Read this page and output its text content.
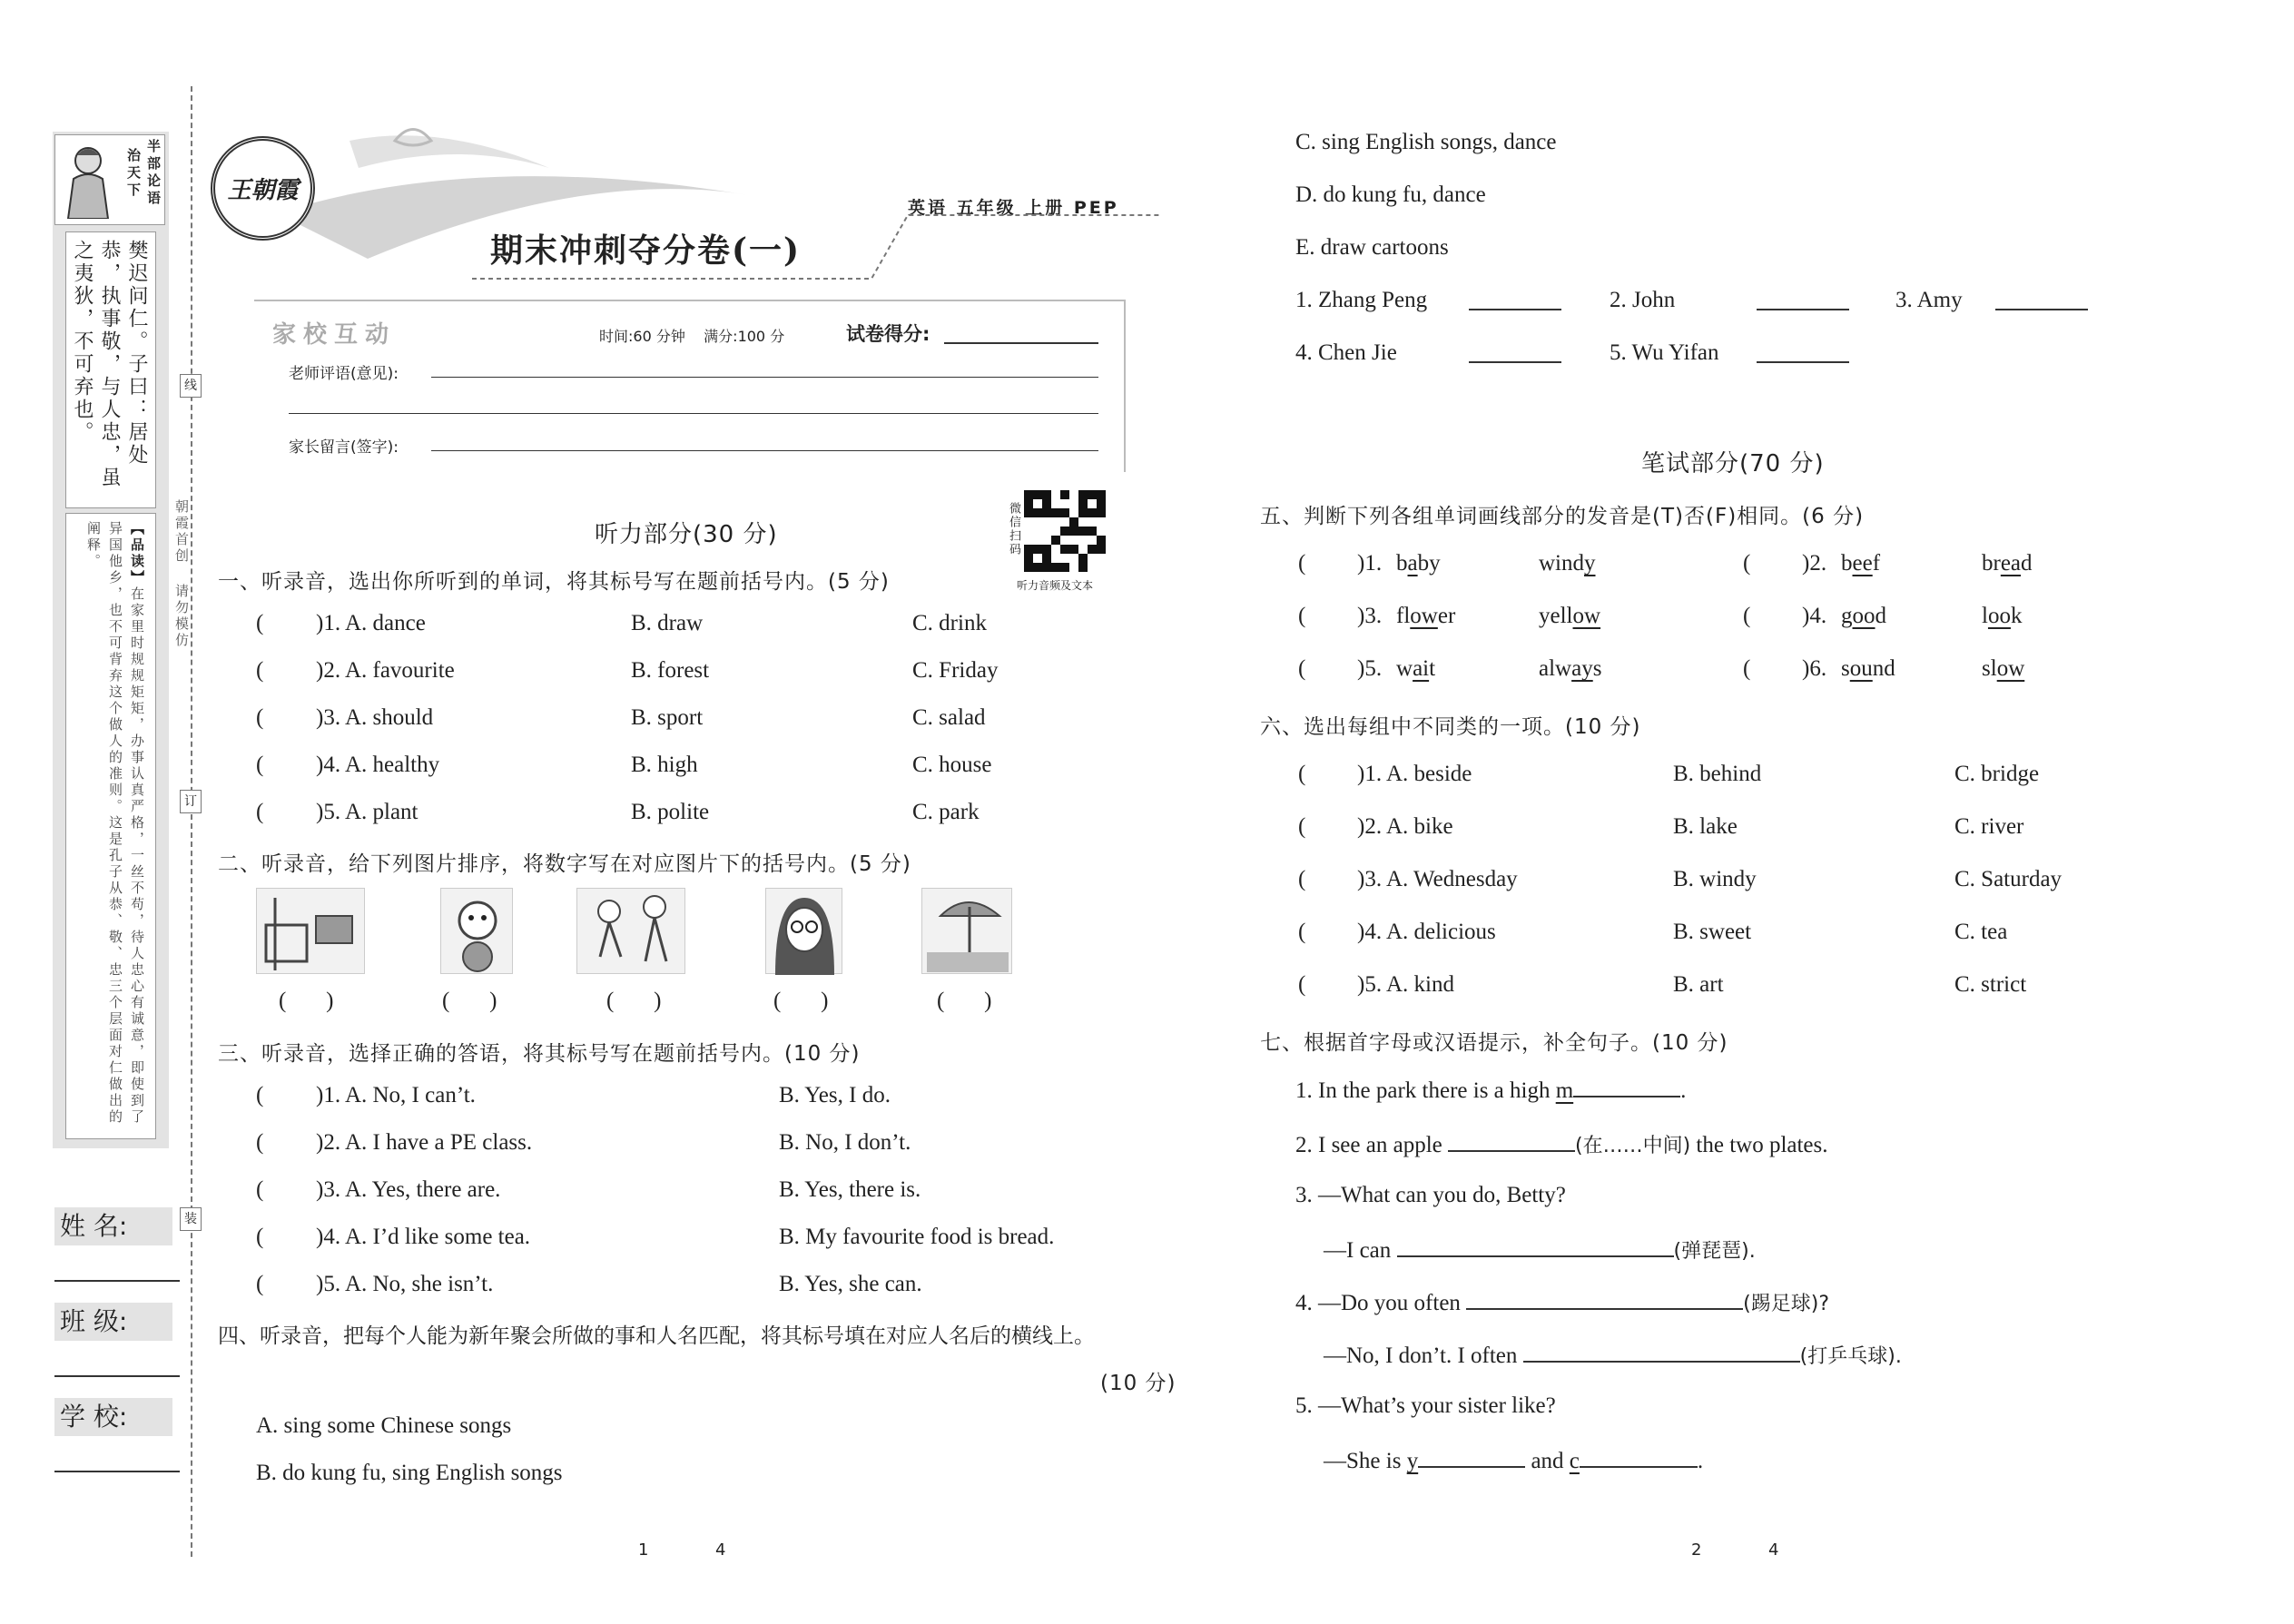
半部论语
治天下
樊迟问仁。子曰：居处恭，执事敬，与人忠，虽之夷狄，不可弃也。
【品读】在家里时规规矩矩，办事认真严格，一丝不苟，待人忠心有诚意，即使到了异国他乡，也不可背弃这个做人的准则。这是孔子从恭、敬、忠三个层面对仁做出的阐释。	朝霞首创 请勿模仿
线
订
装
姓 名:
班 级:
学 校:
王朝霞
英语 五年级 上册 PEP
期末冲刺夺分卷(一)
家校互动	时间:60 分钟    满分:100 分	试卷得分:
老师评语(意见):
家长留言(签字):
微信扫码
听力音频及文本
听力部分(30 分)
一、听录音，选出你所听到的单词，将其标号写在题前括号内。(5 分)
( )1. A. dance	B. draw	C. drink
( )2. A. favourite	B. forest	C. Friday
( )3. A. should	B. sport	C. salad
( )4. A. healthy	B. high	C. house
( )5. A. plant	B. polite	C. park
二、听录音，给下列图片排序，将数字写在对应图片下的括号内。(5 分)
(       )	(       )	(       )	(       )	(       )
三、听录音，选择正确的答语，将其标号写在题前括号内。(10 分)
( )1. A. No, I can’t.	B. Yes, I do.
( )2. A. I have a PE class.	B. No, I don’t.
( )3. A. Yes, there are.	B. Yes, there is.
( )4. A. I’d like some tea.	B. My favourite food is bread.
( )5. A. No, she isn’t.	B. Yes, she can.
四、听录音，把每个人能为新年聚会所做的事和人名匹配，将其标号填在对应人名后的横线上。
(10 分)
A. sing some Chinese songs
B. do kung fu, sing English songs
C. sing English songs, dance
D. do kung fu, dance
E. draw cartoons
1. Zhang Peng	2. John	3. Amy
4. Chen Jie	5. Wu Yifan
笔试部分(70 分)
五、判断下列各组单词画线部分的发音是(T)否(F)相同。(6 分)
( )1. baby	windy	( )2. beef	bread
( )3. flower	yellow	( )4. good	look
( )5. wait	always	( )6. sound	slow
六、选出每组中不同类的一项。(10 分)
( )1. A. beside	B. behind	C. bridge
( )2. A. bike	B. lake	C. river
( )3. A. Wednesday	B. windy	C. Saturday
( )4. A. delicious	B. sweet	C. tea
( )5. A. kind	B. art	C. strict
七、根据首字母或汉语提示，补全句子。(10 分)
1. In the park there is a high m	.
2. I see an apple	(在……中间) the two plates.
3. —What can you do, Betty?
—I can	(弹琵琶).
4. —Do you often	(踢足球)?
—No, I don’t. I often	(打乒乓球).
5. —What’s your sister like?
—She is y	and c	.
1	4	2	4
